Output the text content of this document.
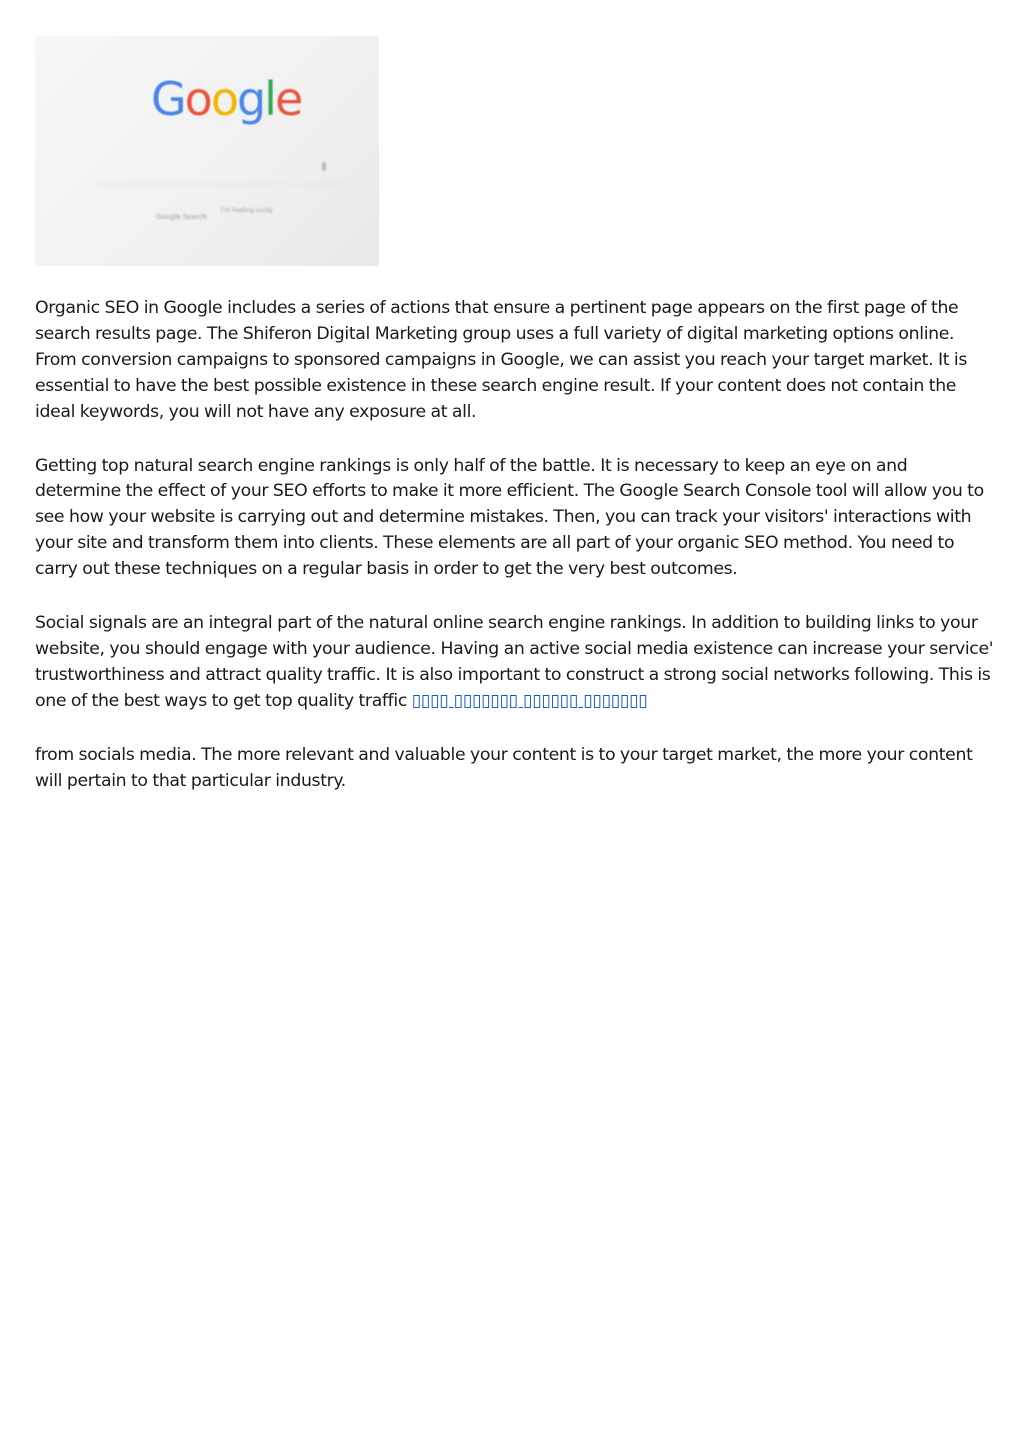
Google
Google Search
I'm Feeling Lucky

Organic SEO in Google includes a series of actions that ensure a pertinent page appears on the first page of the search results page. The Shiferon Digital Marketing group uses a full variety of digital marketing options online. From conversion campaigns to sponsored campaigns in Google, we can assist you reach your target market. It is essential to have the best possible existence in these search engine result. If your content does not contain the ideal keywords, you will not have any exposure at all.

Getting top natural search engine rankings is only half of the battle. It is necessary to keep an eye on and determine the effect of your SEO efforts to make it more efficient. The Google Search Console tool will allow you to see how your website is carrying out and determine mistakes. Then, you can track your visitors' interactions with your site and transform them into clients. These elements are all part of your organic SEO method. You need to carry out these techniques on a regular basis in order to get the very best outcomes.

Social signals are an integral part of the natural online search engine rankings. In addition to building links to your website, you should engage with your audience. Having an active social media existence can increase your service' trustworthiness and attract quality traffic. It is also important to construct a strong social networks following. This is one of the best ways to get top quality traffic ▯▯▯▯ ▯▯▯▯▯▯▯ ▯▯▯▯▯▯ ▯▯▯▯▯▯▯

from socials media. The more relevant and valuable your content is to your target market, the more your content will pertain to that particular industry.
